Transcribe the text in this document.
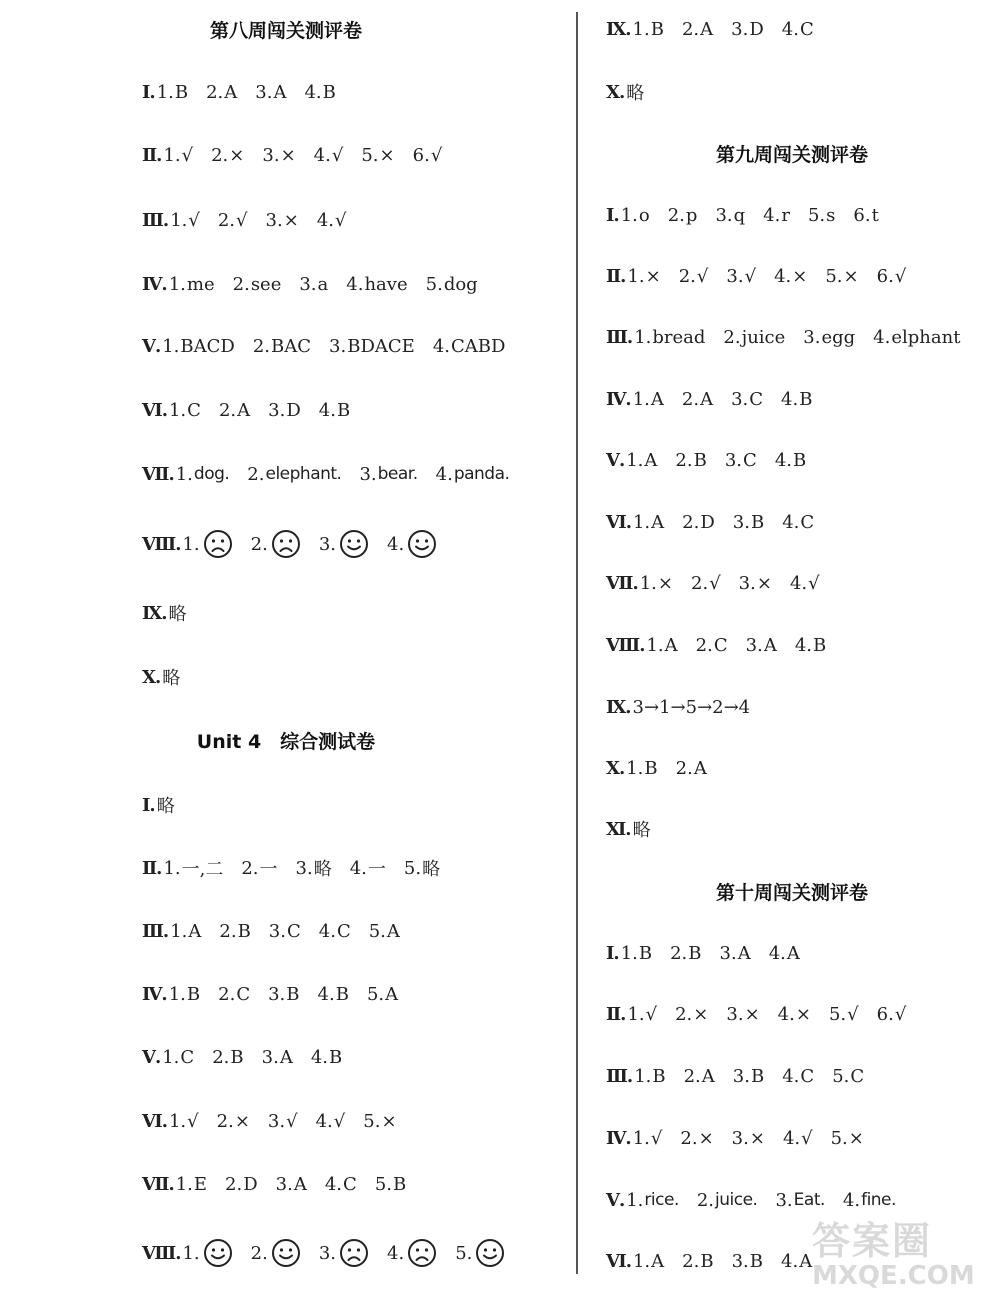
第八周闯关测评卷
Ⅰ. 1. B 2. A 3. A 4. B
Ⅱ. 1. √ 2. × 3. × 4. √ 5. × 6. √
Ⅲ. 1. √ 2. √ 3. × 4. √
Ⅳ. 1. me 2. see 3. a 4. have 5. dog
Ⅴ. 1. BACD 2. BAC 3. BDACE 4. CABD
Ⅵ. 1. C 2. A 3. D 4. B
Ⅶ. 1. dog. 2. elephant. 3. bear. 4. panda.
Ⅷ. 1.	2.	3.	4.
Ⅸ. 略
Ⅹ. 略
Unit 4　综合测试卷
Ⅰ. 略
Ⅱ. 1. 一,二 2. 一 3. 略 4. 一 5. 略
Ⅲ. 1. A 2. B 3. C 4. C 5. A
Ⅳ. 1. B 2. C 3. B 4. B 5. A
Ⅴ. 1. C 2. B 3. A 4. B
Ⅵ. 1. √ 2. × 3. √ 4. √ 5. ×
Ⅶ. 1. E 2. D 3. A 4. C 5. B
Ⅷ. 1.	2.	3.	4.	5.
Ⅸ. 1. B 2. A 3. D 4. C
Ⅹ. 略
第九周闯关测评卷
Ⅰ. 1. o 2. p 3. q 4. r 5. s 6. t
Ⅱ. 1. × 2. √ 3. √ 4. × 5. × 6. √
Ⅲ. 1. bread 2. juice 3. egg 4. elphant
Ⅳ. 1. A 2. A 3. C 4. B
Ⅴ. 1. A 2. B 3. C 4. B
Ⅵ. 1. A 2. D 3. B 4. C
Ⅶ. 1. × 2. √ 3. × 4. √
Ⅷ. 1. A 2. C 3. A 4. B
Ⅸ. 3→1→5→2→4
Ⅹ. 1. B 2. A
Ⅺ. 略
第十周闯关测评卷
Ⅰ. 1. B 2. B 3. A 4. A
Ⅱ. 1. √ 2. × 3. × 4. × 5. √ 6. √
Ⅲ. 1. B 2. A 3. B 4. C 5. C
Ⅳ. 1. √ 2. × 3. × 4. √ 5. ×
Ⅴ. 1. rice. 2. juice. 3. Eat. 4. fine.
Ⅵ. 1. A 2. B 3. B 4. A 答案圈
MXQE.COM
